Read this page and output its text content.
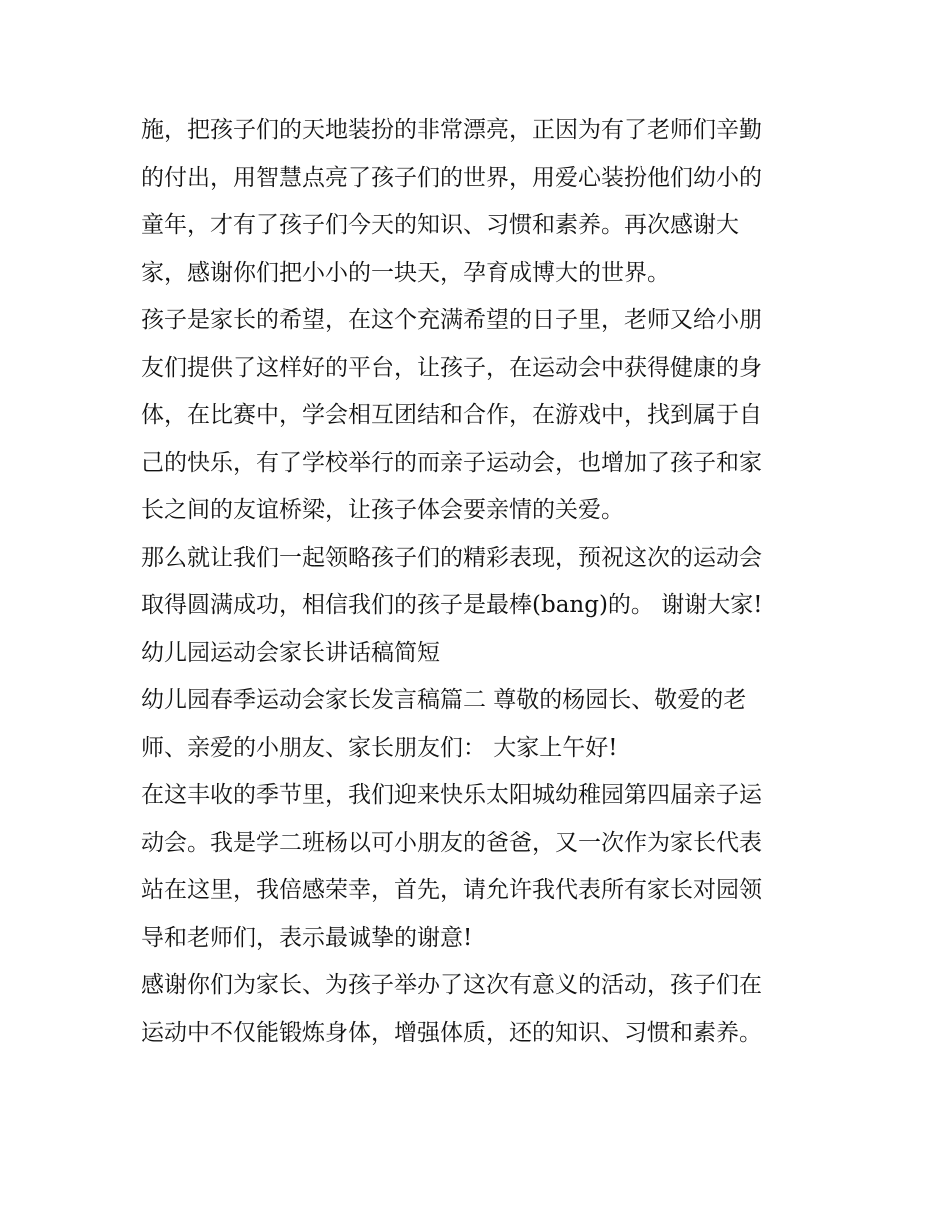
施，把孩子们的天地装扮的非常漂亮，正因为有了老师们辛勤
的付出，用智慧点亮了孩子们的世界，用爱心装扮他们幼小的
童年，才有了孩子们今天的知识、习惯和素养。再次感谢大
家，感谢你们把小小的一块天，孕育成博大的世界。
孩子是家长的希望，在这个充满希望的日子里，老师又给小朋
友们提供了这样好的平台，让孩子，在运动会中获得健康的身
体，在比赛中，学会相互团结和合作，在游戏中，找到属于自
己的快乐，有了学校举行的而亲子运动会，也增加了孩子和家
长之间的友谊桥梁，让孩子体会要亲情的关爱。
那么就让我们一起领略孩子们的精彩表现，预祝这次的运动会
取得圆满成功，相信我们的孩子是最棒(bang)的。 谢谢大家!
幼儿园运动会家长讲话稿简短
幼儿园春季运动会家长发言稿篇二 尊敬的杨园长、敬爱的老
师、亲爱的小朋友、家长朋友们： 大家上午好!
在这丰收的季节里，我们迎来快乐太阳城幼稚园第四届亲子运
动会。我是学二班杨以可小朋友的爸爸，又一次作为家长代表
站在这里，我倍感荣幸，首先，请允许我代表所有家长对园领
导和老师们，表示最诚挚的谢意!
感谢你们为家长、为孩子举办了这次有意义的活动，孩子们在
运动中不仅能锻炼身体，增强体质，还的知识、习惯和素养。
